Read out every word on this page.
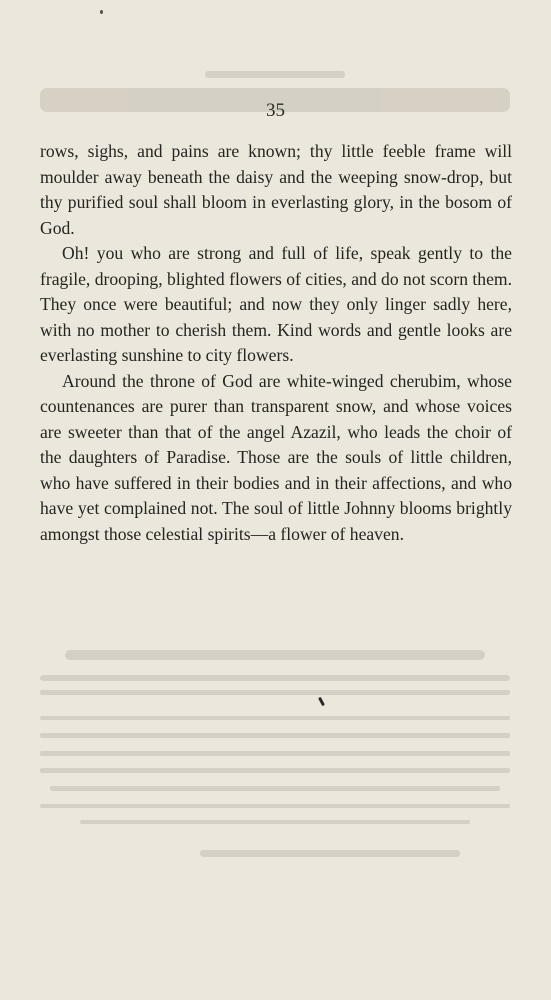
35

rows, sighs, and pains are known; thy little feeble frame will moulder away beneath the daisy and the weeping snow-drop, but thy purified soul shall bloom in everlasting glory, in the bosom of God.

Oh! you who are strong and full of life, speak gently to the fragile, drooping, blighted flowers of cities, and do not scorn them. They once were beautiful; and now they only linger sadly here, with no mother to cherish them. Kind words and gentle looks are everlasting sunshine to city flowers.

Around the throne of God are white-winged cherubim, whose countenances are purer than transparent snow, and whose voices are sweeter than that of the angel Azazil, who leads the choir of the daughters of Paradise. Those are the souls of little children, who have suffered in their bodies and in their affections, and who have yet complained not. The soul of little Johnny blooms brightly amongst those celestial spirits—a flower of heaven.
